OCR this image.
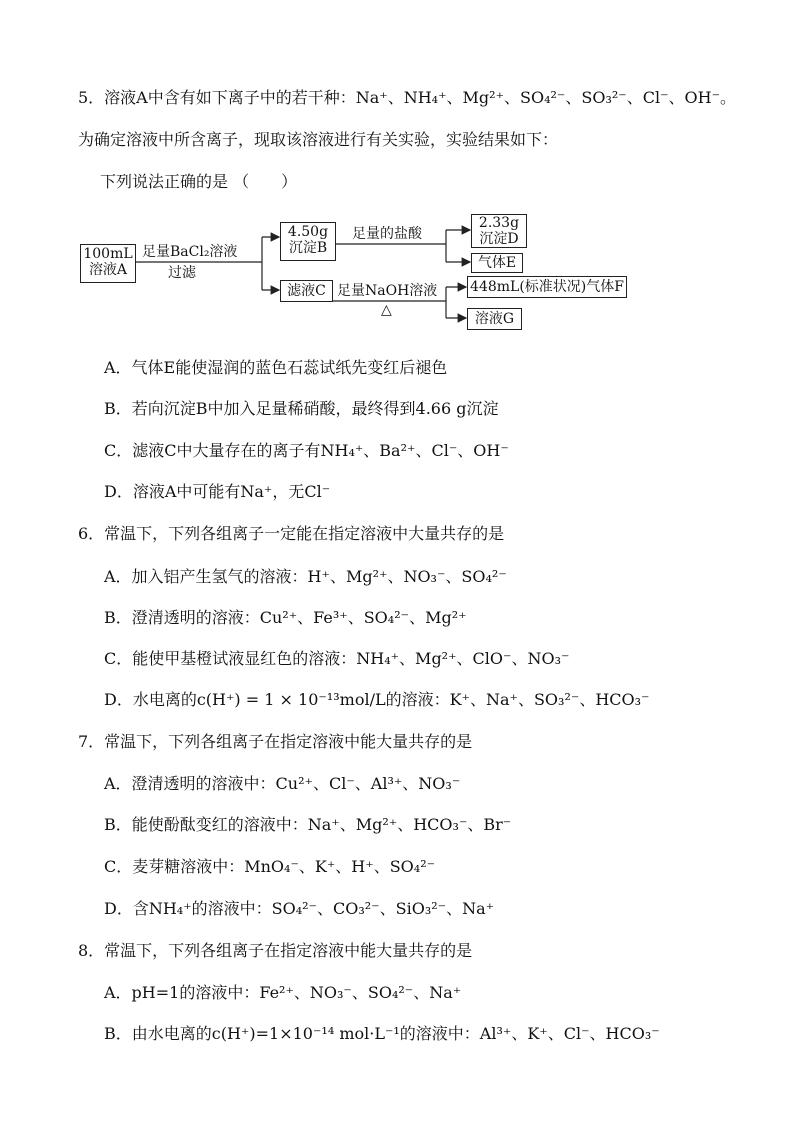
5．溶液A中含有如下离子中的若干种：Na⁺、NH₄⁺、Mg²⁺、SO₄²⁻、SO₃²⁻、Cl⁻、OH⁻。
为确定溶液中所含离子，现取该溶液进行有关实验，实验结果如下：
下列说法正确的是 （　　）
100mL
溶液A
足量BaCl₂溶液
过滤
4.50g
沉淀B
滤液C
足量的盐酸
2.33g
沉淀D
气体E
足量NaOH溶液
△
448mL(标准状况)气体F
溶液G
A．气体E能使湿润的蓝色石蕊试纸先变红后褪色
B．若向沉淀B中加入足量稀硝酸，最终得到4.66 g沉淀
C．滤液C中大量存在的离子有NH₄⁺、Ba²⁺、Cl⁻、OH⁻
D．溶液A中可能有Na⁺，无Cl⁻
6．常温下，下列各组离子一定能在指定溶液中大量共存的是
A．加入铝产生氢气的溶液：H⁺、Mg²⁺、NO₃⁻、SO₄²⁻
B．澄清透明的溶液：Cu²⁺、Fe³⁺、SO₄²⁻、Mg²⁺
C．能使甲基橙试液显红色的溶液：NH₄⁺、Mg²⁺、ClO⁻、NO₃⁻
D．水电离的c(H⁺) = 1 × 10⁻¹³mol/L的溶液：K⁺、Na⁺、SO₃²⁻、HCO₃⁻
7．常温下，下列各组离子在指定溶液中能大量共存的是
A．澄清透明的溶液中：Cu²⁺、Cl⁻、Al³⁺、NO₃⁻
B．能使酚酞变红的溶液中：Na⁺、Mg²⁺、HCO₃⁻、Br⁻
C．麦芽糖溶液中：MnO₄⁻、K⁺、H⁺、SO₄²⁻
D．含NH₄⁺的溶液中：SO₄²⁻、CO₃²⁻、SiO₃²⁻、Na⁺
8．常温下，下列各组离子在指定溶液中能大量共存的是
A．pH=1的溶液中：Fe²⁺、NO₃⁻、SO₄²⁻、Na⁺
B．由水电离的c(H⁺)=1×10⁻¹⁴ mol·L⁻¹的溶液中：Al³⁺、K⁺、Cl⁻、HCO₃⁻
